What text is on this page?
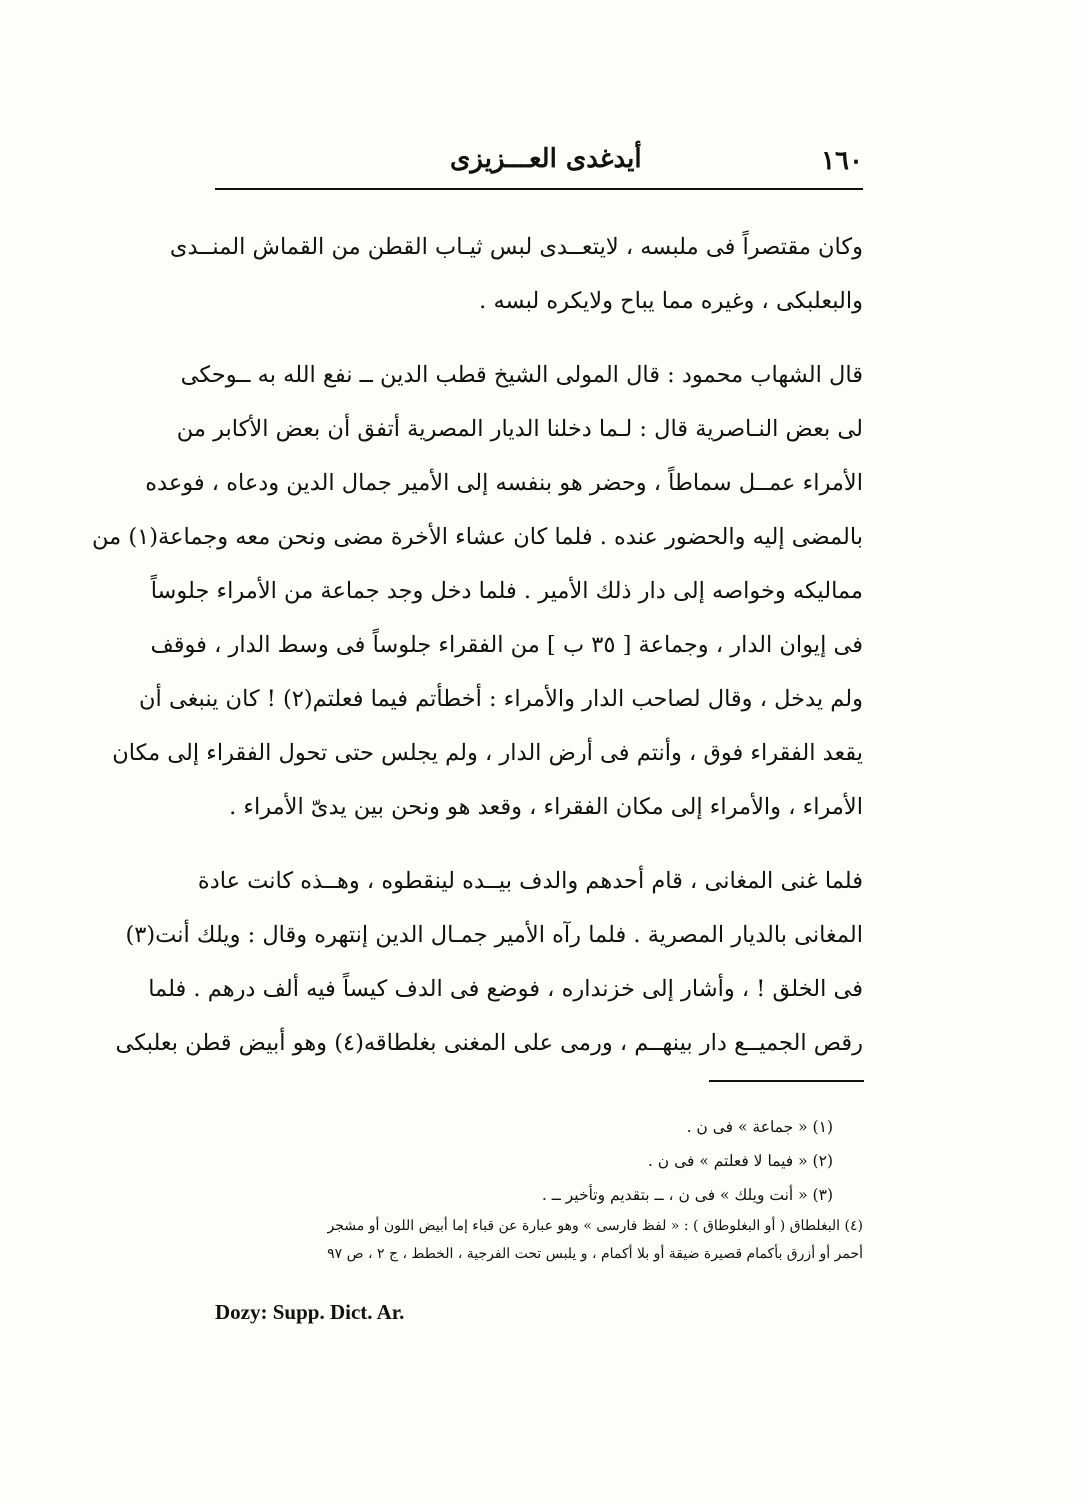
١٦٠
أيدغدى العـــزيزى

وكان مقتصراً فى ملبسه ، لايتعــدى لبس ثيـاب القطن من القماش المنــدى
والبعلبكى ، وغيره مما يباح ولايكره لبسه .

قال الشهاب محمود : قال المولى الشيخ قطب الدين ــ نفع الله به ــوحكى
لى بعض النـاصرية قال : لـما دخلنا الديار المصرية أتفق أن بعض الأكابر من
الأمراء عمــل سماطاً ، وحضر هو بنفسه إلى الأمير جمال الدين ودعاه ، فوعده
بالمضى إليه والحضور عنده . فلما كان عشاء الأخرة مضى ونحن معه وجماعة(١) من
مماليكه وخواصه إلى دار ذلك الأمير . فلما دخل وجد جماعة من الأمراء جلوساً
فى إيوان الدار ، وجماعة [ ٣٥ ب ] من الفقراء جلوساً فى وسط الدار ، فوقف
ولم يدخل ، وقال لصاحب الدار والأمراء : أخطأتم فيما فعلتم(٢) ! كان ينبغى أن
يقعد الفقراء فوق ، وأنتم فى أرض الدار ، ولم يجلس حتى تحول الفقراء إلى مكان
الأمراء ، والأمراء إلى مكان الفقراء ، وقعد هو ونحن بين يدىّ الأمراء .

فلما غنى المغانى ، قام أحدهم والدف بيــده لينقطوه ، وهــذه كانت عادة
المغانى بالديار المصرية . فلما رآه الأمير جمـال الدين إنتهره وقال : ويلك أنت(٣)
فى الخلق ! ، وأشار إلى خزنداره ، فوضع فى الدف كيساً فيه ألف درهم . فلما
رقص الجميــع دار بينهــم ، ورمى على المغنى بغلطاقه(٤) وهو أبيض قطن بعلبكى

(١) « جماعة » فى ن .
(٢) « فيما لا فعلتم » فى ن .
(٣) « أنت ويلك » فى ن ، ــ بتقديم وتأخير ــ .
(٤) البغلطاق ( أو البغلوطاق ) : « لفظ فارسى » وهو عبارة عن قباء إما أبيض اللون أو مشجر
أحمر أو أزرق بأكمام قصيرة ضيقة أو بلا أكمام ، و يلبس تحت الفرجية ، الخطط ، ج ٢ ، ص ٩٧
Dozy: Supp. Dict. Ar.
